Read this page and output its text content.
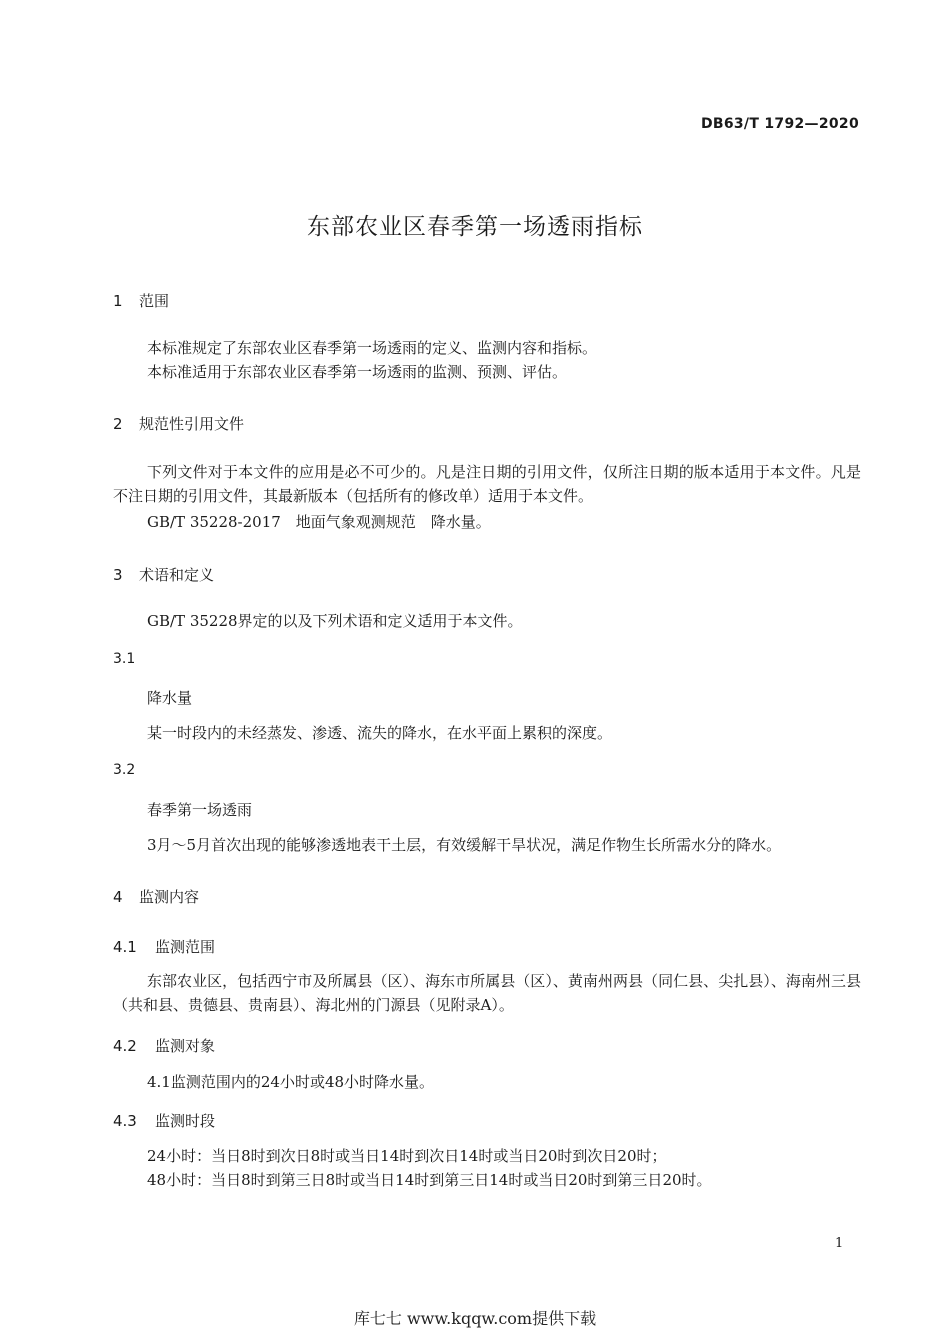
DB63/T 1792—2020
东部农业区春季第一场透雨指标
1 范围
本标准规定了东部农业区春季第一场透雨的定义、监测内容和指标。
本标准适用于东部农业区春季第一场透雨的监测、预测、评估。
2 规范性引用文件
下列文件对于本文件的应用是必不可少的。凡是注日期的引用文件，仅所注日期的版本适用于本文件。凡是不注日期的引用文件，其最新版本（包括所有的修改单）适用于本文件。
GB/T 35228-2017　地面气象观测规范　降水量。
3 术语和定义
GB/T 35228界定的以及下列术语和定义适用于本文件。
3.1
降水量
某一时段内的未经蒸发、渗透、流失的降水，在水平面上累积的深度。
3.2
春季第一场透雨
3月～5月首次出现的能够渗透地表干土层，有效缓解干旱状况，满足作物生长所需水分的降水。
4 监测内容
4.1 监测范围
东部农业区，包括西宁市及所属县（区）、海东市所属县（区）、黄南州两县（同仁县、尖扎县）、海南州三县（共和县、贵德县、贵南县）、海北州的门源县（见附录A）。
4.2 监测对象
4.1监测范围内的24小时或48小时降水量。
4.3 监测时段
24小时：当日8时到次日8时或当日14时到次日14时或当日20时到次日20时；
48小时：当日8时到第三日8时或当日14时到第三日14时或当日20时到第三日20时。
1
库七七 www.kqqw.com提供下载
